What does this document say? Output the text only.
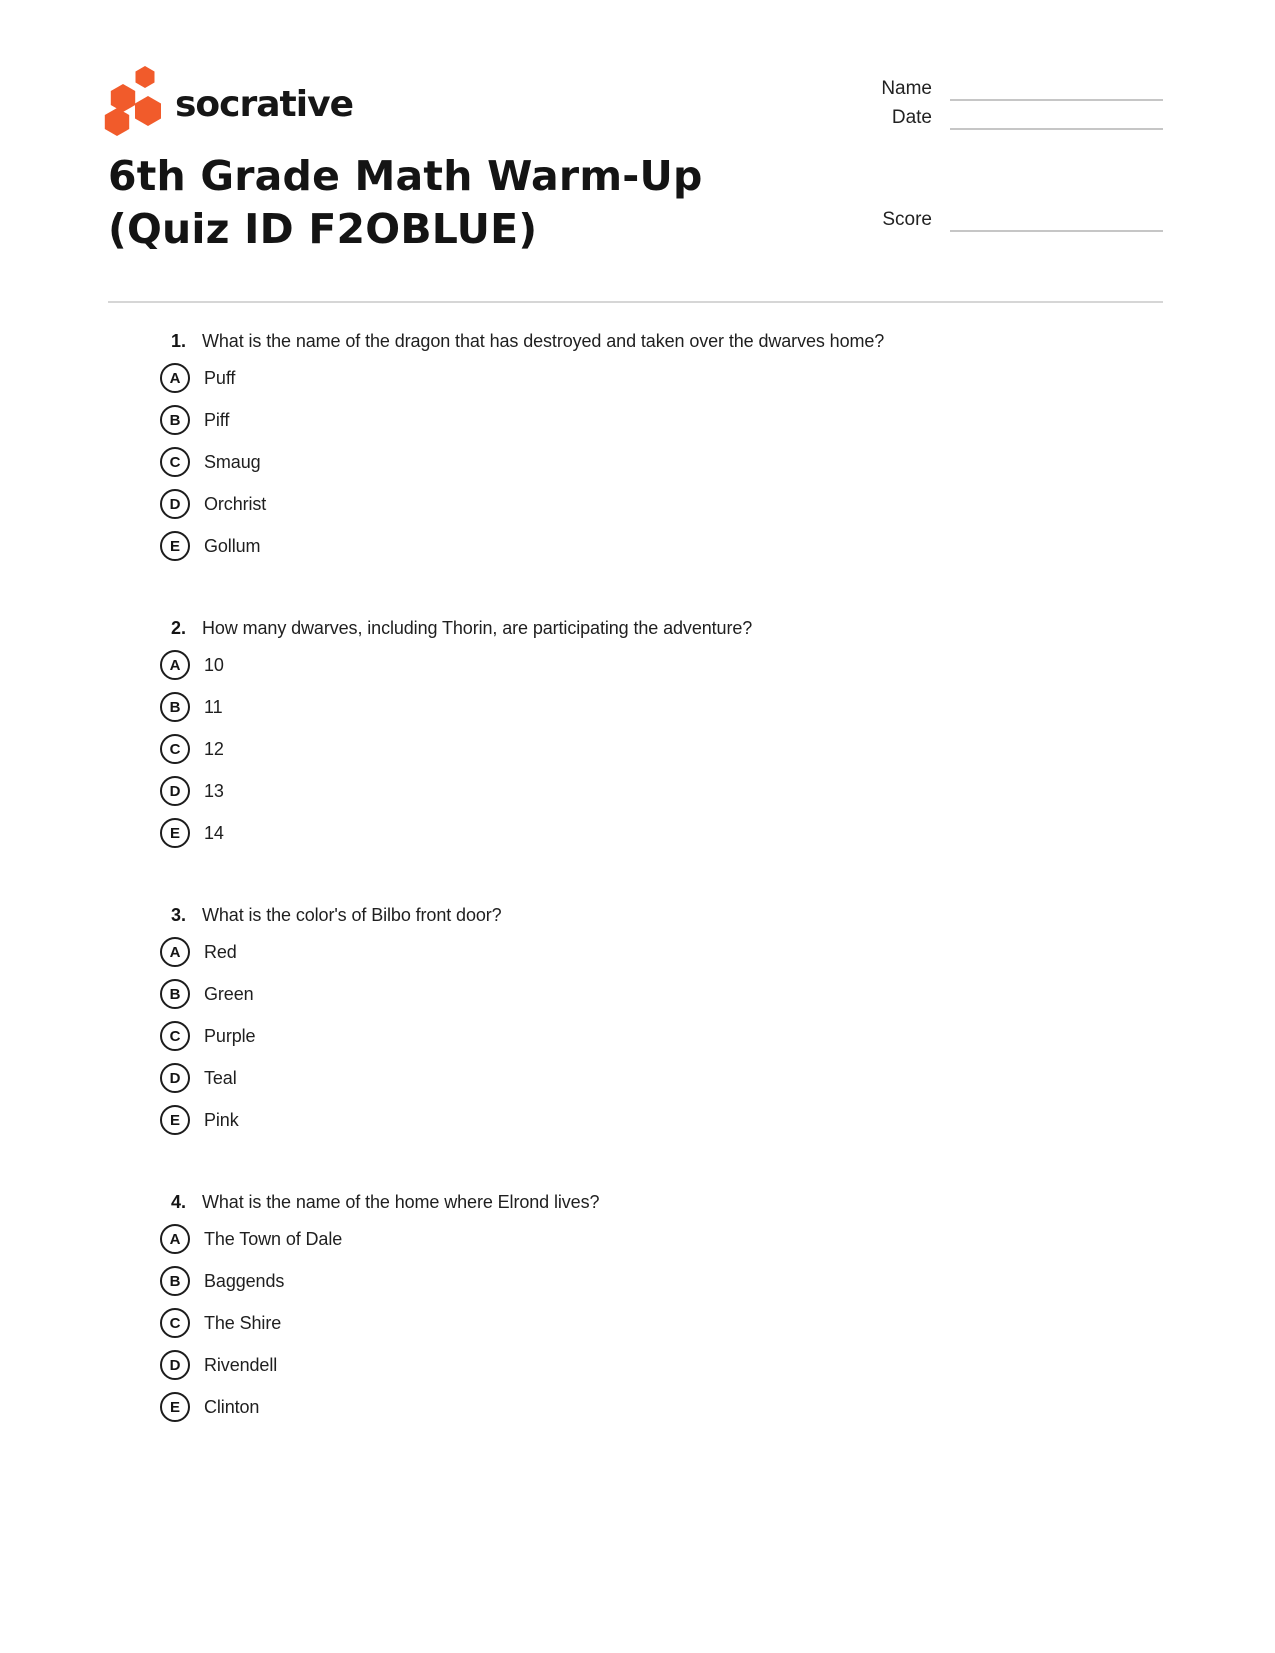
socrative	Name
Date
6th Grade Math Warm-Up (Quiz ID F2OBLUE)	Score
1. What is the name of the dragon that has destroyed and taken over the dwarves home?
A	Puff
B	Piff
C	Smaug
D	Orchrist
E	Gollum
2. How many dwarves, including Thorin, are participating the adventure?
A	10
B	11
C	12
D	13
E	14
3. What is the color's of Bilbo front door?
A	Red
B	Green
C	Purple
D	Teal
E	Pink
4. What is the name of the home where Elrond lives?
A	The Town of Dale
B	Baggends
C	The Shire
D	Rivendell
E	Clinton
